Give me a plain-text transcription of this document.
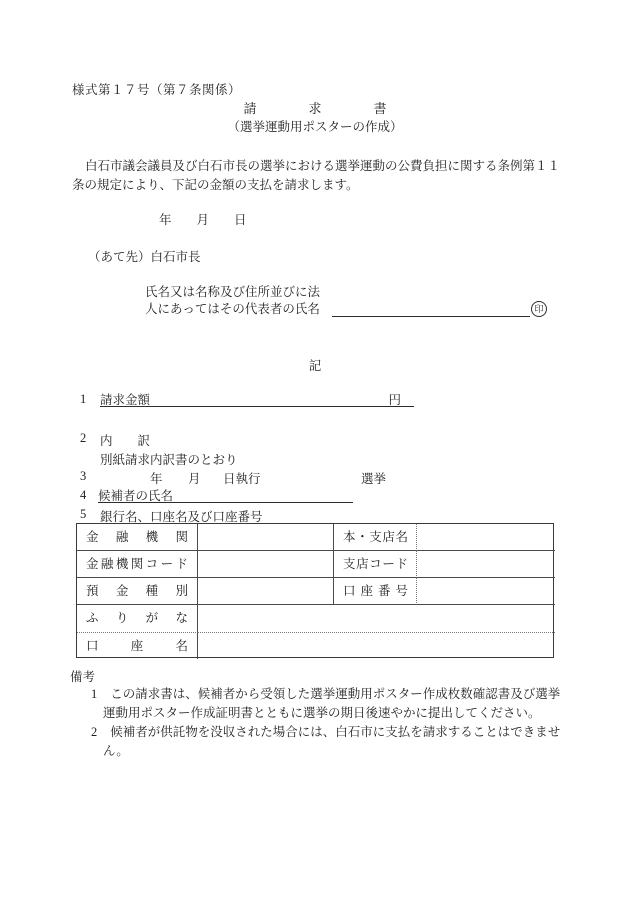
様式第１７号（第７条関係）
請求書
（選挙運動用ポスターの作成）
白石市議会議員及び白石市長の選挙における選挙運動の公費負担に関する条例第１１条の規定により、下記の金額の支払を請求します。
年　　月　　日
（あて先）白石市長
氏名又は名称及び住所並びに法
人にあってはその代表者の氏名	印
記
1 請求金額	円
2 内　　訳
別紙請求内訳書のとおり
3	年 月 日執行	選挙
4 候補者の氏名
5 銀行名、口座名及び口座番号
金融機関	本・支店名
金融機関コード	支店コード
預金種別	口座番号
ふりがな
口座名
備考
1 この請求書は、候補者から受領した選挙運動用ポスター作成枚数確認書及び選挙運動用ポスター作成証明書とともに選挙の期日後速やかに提出してください。
2 候補者が供託物を没収された場合には、白石市に支払を請求することはできません。
